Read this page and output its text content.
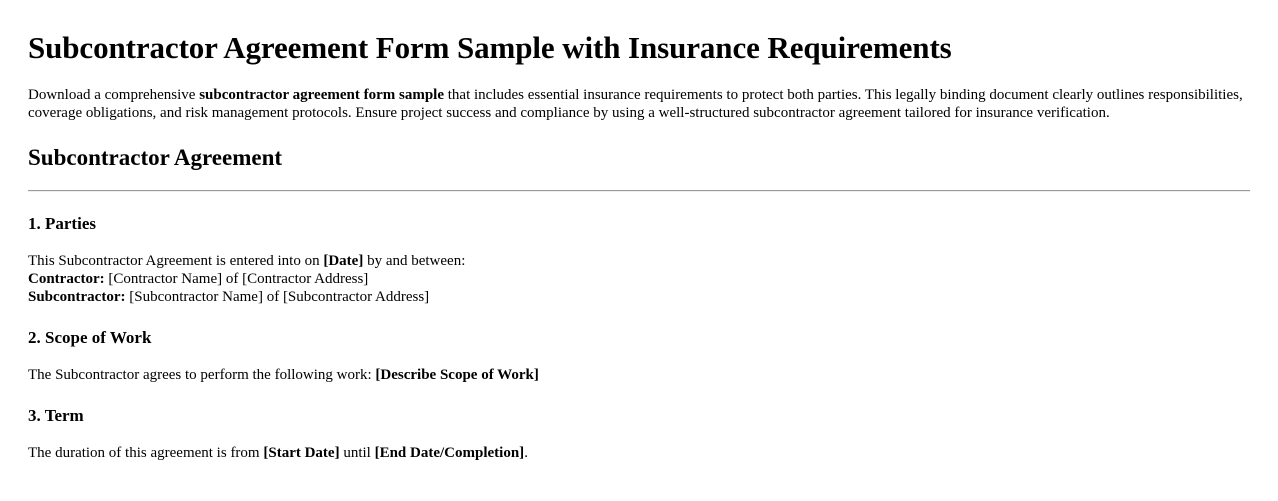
Subcontractor Agreement Form Sample with Insurance Requirements

Download a comprehensive subcontractor agreement form sample that includes essential insurance requirements to protect both parties. This legally binding document clearly outlines responsibilities, coverage obligations, and risk management protocols. Ensure project success and compliance by using a well-structured subcontractor agreement tailored for insurance verification.

Subcontractor Agreement
1. Parties

This Subcontractor Agreement is entered into on [Date] by and between:
Contractor: [Contractor Name] of [Contractor Address]
Subcontractor: [Subcontractor Name] of [Subcontractor Address]

2. Scope of Work

The Subcontractor agrees to perform the following work: [Describe Scope of Work]

3. Term

The duration of this agreement is from [Start Date] until [End Date/Completion].
